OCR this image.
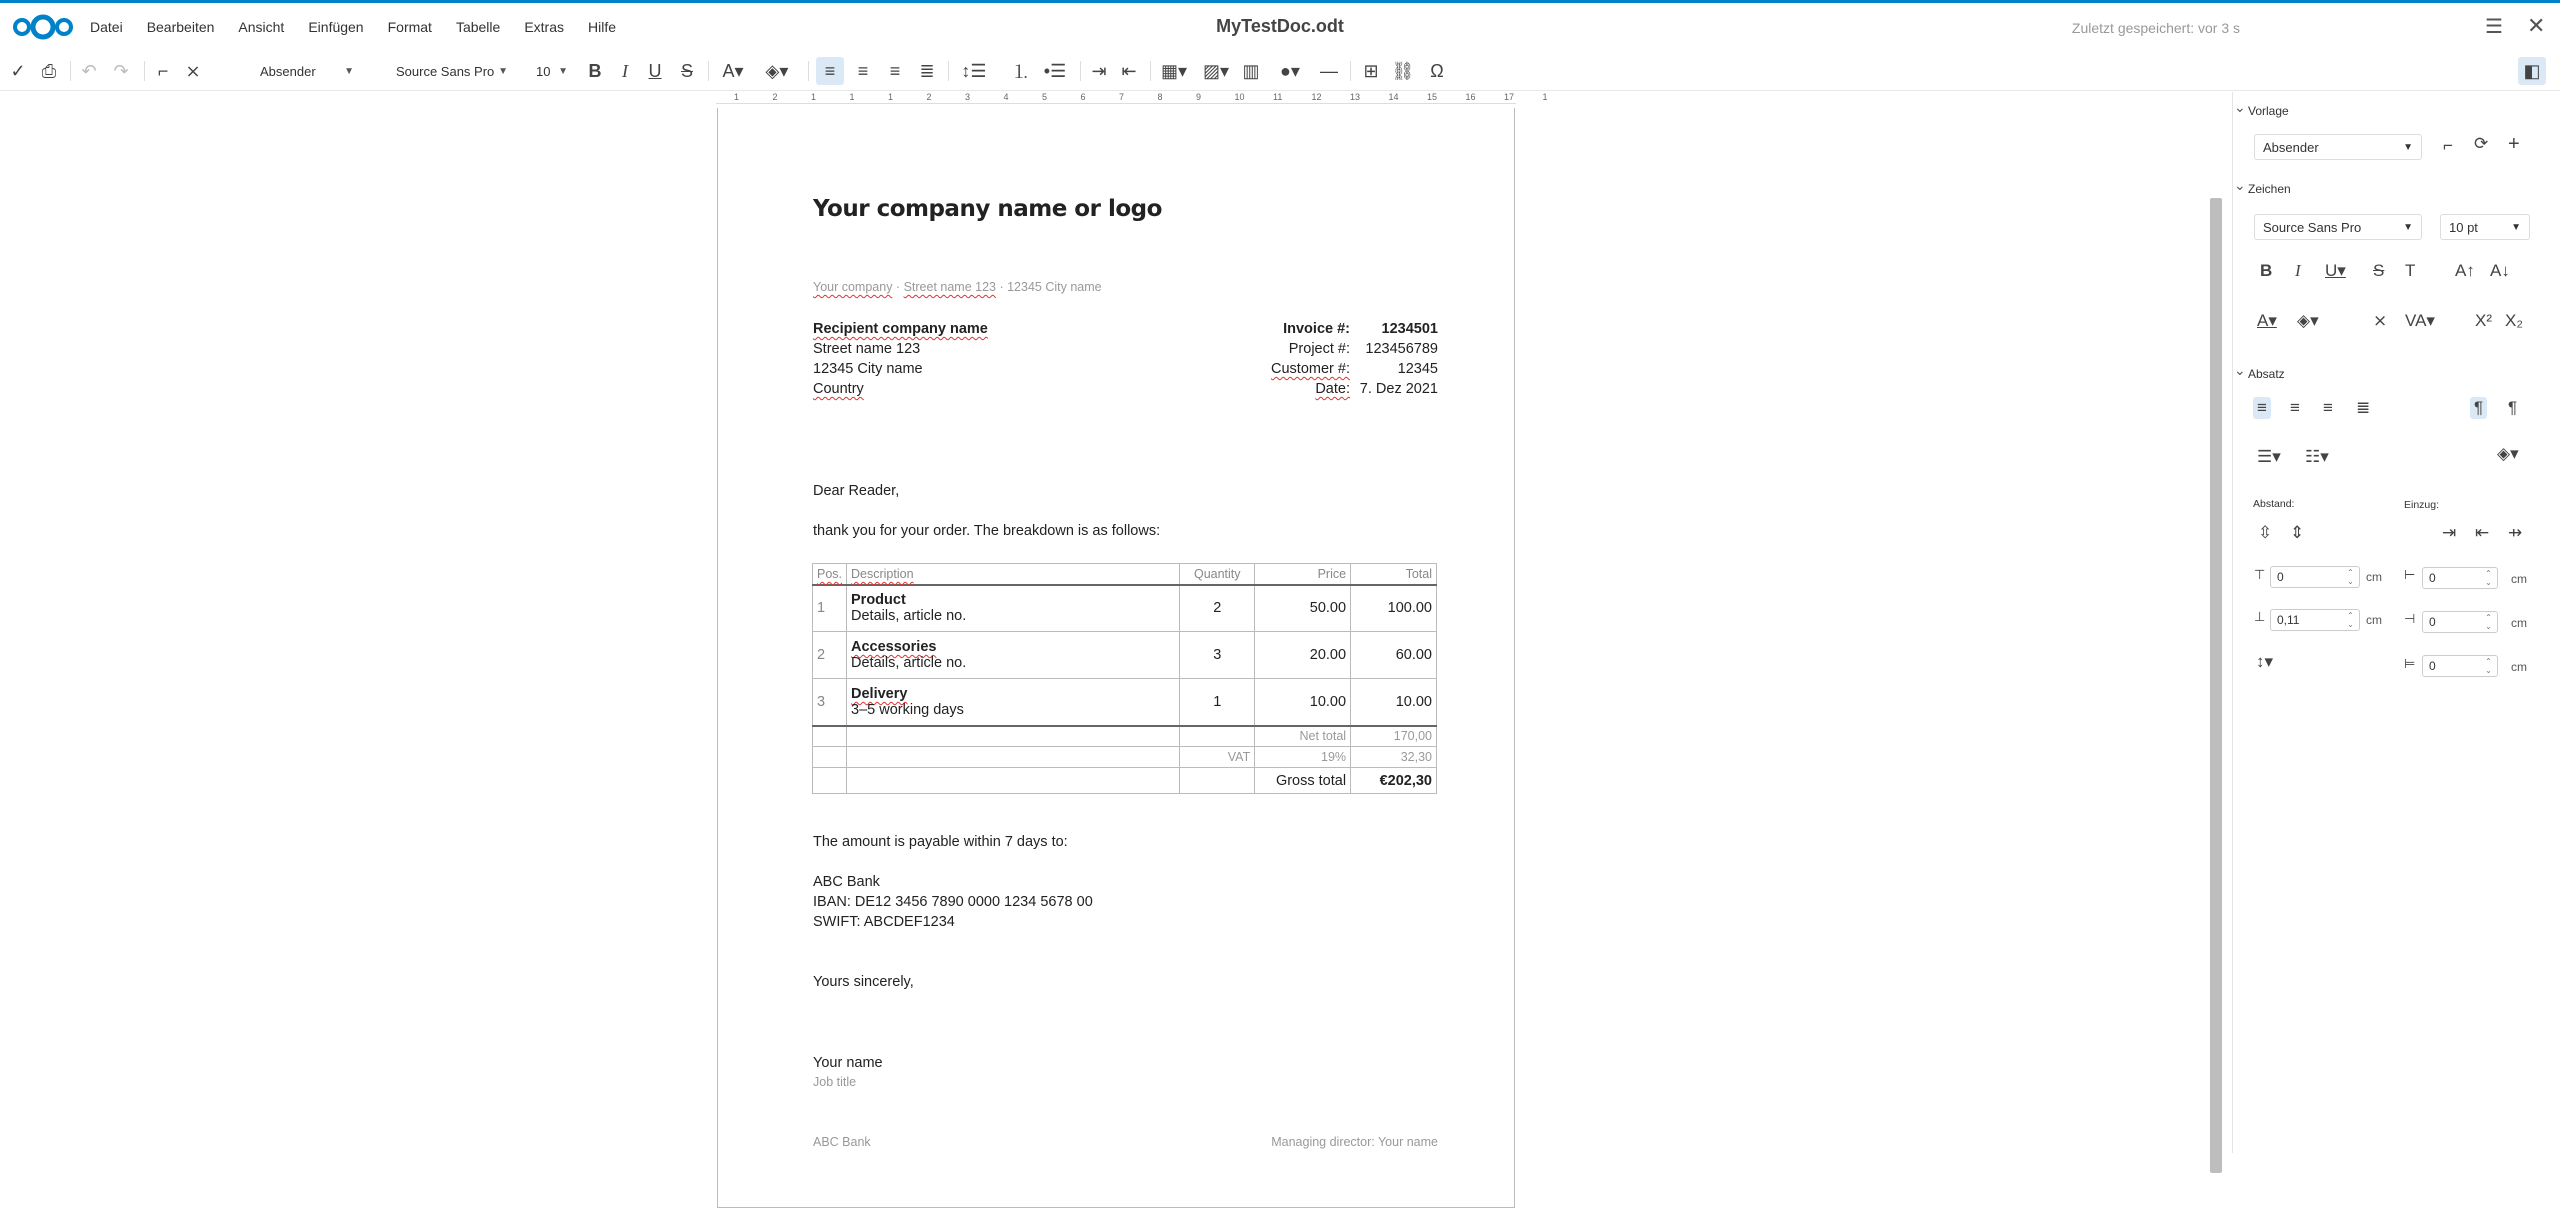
Datei Bearbeiten Ansicht Einfügen Format Tabelle Extras Hilfe	MyTestDoc.odt	Zuletzt gespeichert: vor 3 s	☰ ✕
✓ ⎙ ↶ ↷	⌐ ⨯	Absender	▼	Source Sans Pro ▼ 10 ▼ B	I	U S	A▾	◈▾	≡	≡	≡	≣	↕☰	⒈ •☰	⇥ ⇤	▦▾ ▨▾ ▥	●▾	—	⊞ ⛓ Ω	◧
1	2	1	1	1	2	3	4	5	6	7	8	9	10	11	12	13	14	15	16	17	1
Your company name or logo
Your company · Street name 123 · 12345 City name
Recipient company name
Street name 123
12345 City name
Country
Invoice #:	1234501
Project #:	123456789
Customer #:	12345
Date: 7. Dez 2021
Dear Reader,
thank you for your order. The breakdown is as follows:
Pos.	Description	Quantity	Price	Total
1	Product
Details, article no.	2	50.00	100.00
2	Accessories
Details, article no.	3	20.00	60.00
3	Delivery
3–5 working days	1	10.00	10.00
			Net total	170,00
		VAT	19%	32,30
			Gross total	€202,30
The amount is payable within 7 days to:
ABC Bank
IBAN: DE12 3456 7890 0000 1234 5678 00
SWIFT: ABCDEF1234
Yours sincerely,
Your name
Job title
ABC Bank	Managing director: Your name
⌄ Vorlage
Absender	▼ ⌐ ⟳ +
⌄ Zeichen
Source Sans Pro	▼	10 pt	▼
B I U▾ S T A↑ A↓
A▾ ◈▾	⨯ VA▾ X² X₂
⌄ Absatz
≡ ≡ ≡ ≣	¶ ¶
☰▾ ☷▾	◈▾
Abstand:	Einzug:
⇳ ⇕	⇥ ⇤ ⇸
⊤ 0 ⌃⌄	cm ⊢	0 ⌃⌄	cm
⊥ 0,11 ⌃⌄	cm ⊣	0 ⌃⌄	cm
↕▾	⊨	0 ⌃⌄	cm
